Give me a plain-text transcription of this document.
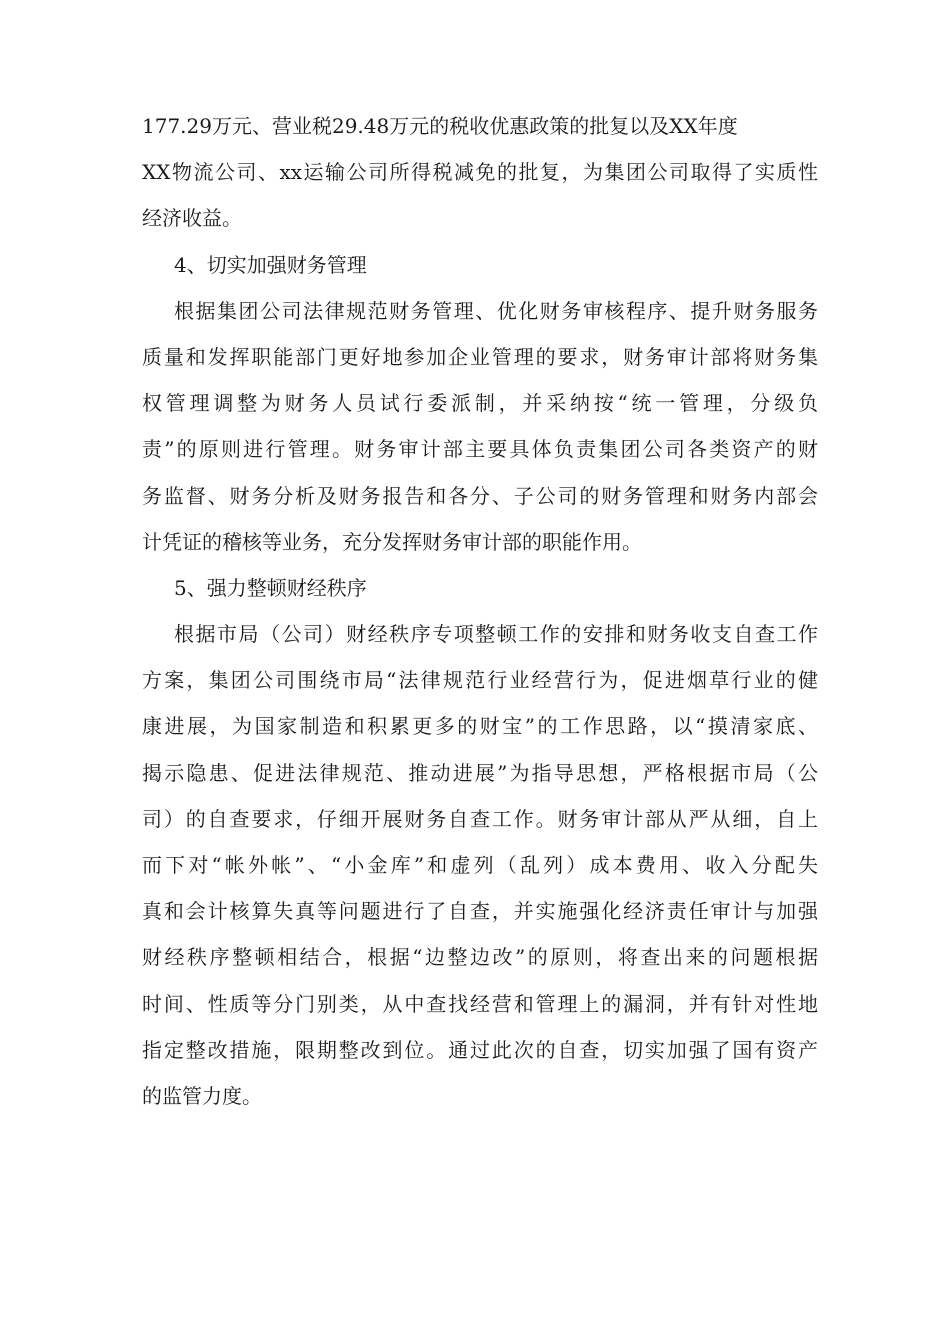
177.29万元、营业税29.48万元的税收优惠政策的批复以及XX年度
XX物流公司、xx运输公司所得税减免的批复，为集团公司取得了实质性
经济收益。
4、切实加强财务管理
根据集团公司法律规范财务管理、优化财务审核程序、提升财务服务
质量和发挥职能部门更好地参加企业管理的要求，财务审计部将财务集
权管理调整为财务人员试行委派制，并采纳按“统一管理，分级负
责”的原则进行管理。财务审计部主要具体负责集团公司各类资产的财
务监督、财务分析及财务报告和各分、子公司的财务管理和财务内部会
计凭证的稽核等业务，充分发挥财务审计部的职能作用。
5、强力整顿财经秩序
根据市局（公司）财经秩序专项整顿工作的安排和财务收支自查工作
方案，集团公司围绕市局“法律规范行业经营行为，促进烟草行业的健
康进展，为国家制造和积累更多的财宝”的工作思路，以“摸清家底、
揭示隐患、促进法律规范、推动进展”为指导思想，严格根据市局（公
司）的自查要求，仔细开展财务自查工作。财务审计部从严从细，自上
而下对“帐外帐”、“小金库”和虚列（乱列）成本费用、收入分配失
真和会计核算失真等问题进行了自查，并实施强化经济责任审计与加强
财经秩序整顿相结合，根据“边整边改”的原则，将查出来的问题根据
时间、性质等分门别类，从中查找经营和管理上的漏洞，并有针对性地
指定整改措施，限期整改到位。通过此次的自查，切实加强了国有资产
的监管力度。
